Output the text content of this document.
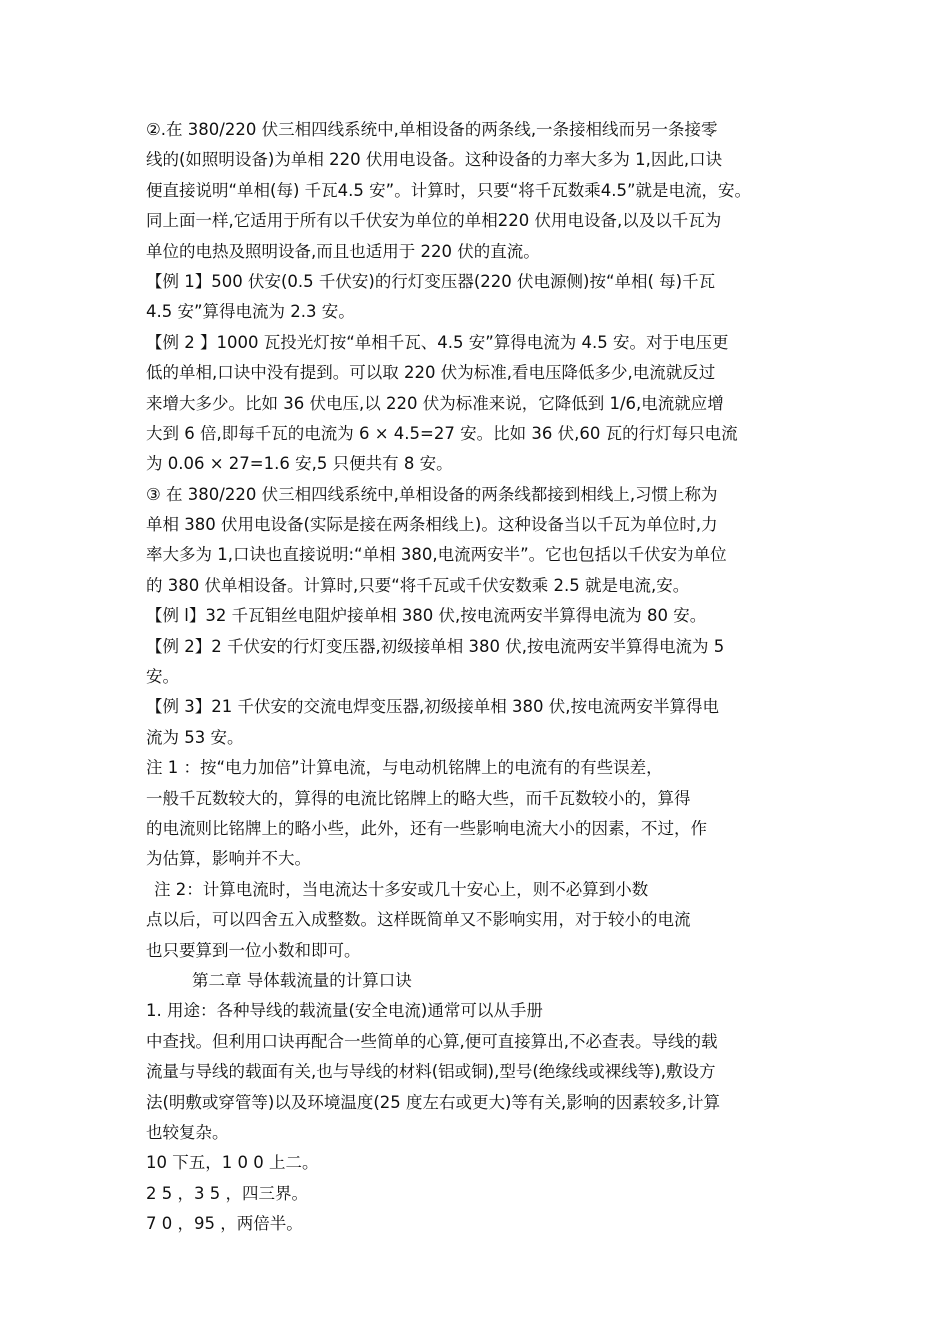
②.在 380/220 伏三相四线系统中,单相设备的两条线,一条接相线而另一条接零
线的(如照明设备)为单相 220 伏用电设备。这种设备的力率大多为 1,因此,口诀
便直接说明“单相(每) 千瓦4.5 安”。计算时，只要“将千瓦数乘4.5”就是电流，安。
同上面一样,它适用于所有以千伏安为单位的单相220 伏用电设备,以及以千瓦为
单位的电热及照明设备,而且也适用于 220 伏的直流。
【例 1】500 伏安(0.5 千伏安)的行灯变压器(220 伏电源侧)按“单相( 每)千瓦
4.5 安”算得电流为 2.3 安。
【例 2 】1000 瓦投光灯按“单相千瓦、4.5 安”算得电流为 4.5 安。对于电压更
低的单相,口诀中没有提到。可以取 220 伏为标准,看电压降低多少,电流就反过
来增大多少。比如 36 伏电压,以 220 伏为标准来说，它降低到 1/6,电流就应增
大到 6 倍,即每千瓦的电流为 6 × 4.5=27 安。比如 36 伏,60 瓦的行灯每只电流
为 0.06 × 27=1.6 安,5 只便共有 8 安。
③ 在 380/220 伏三相四线系统中,单相设备的两条线都接到相线上,习惯上称为
单相 380 伏用电设备(实际是接在两条相线上)。这种设备当以千瓦为单位时,力
率大多为 1,口诀也直接说明:“单相 380,电流两安半”。它也包括以千伏安为单位
的 380 伏单相设备。计算时,只要“将千瓦或千伏安数乘 2.5 就是电流,安。
【例 l】32 千瓦钼丝电阻炉接单相 380 伏,按电流两安半算得电流为 80 安。
【例 2】2 千伏安的行灯变压器,初级接单相 380 伏,按电流两安半算得电流为 5
安。
【例 3】21 千伏安的交流电焊变压器,初级接单相 380 伏,按电流两安半算得电
流为 53 安。
注 1 ：按“电力加倍”计算电流，与电动机铭牌上的电流有的有些误差，
一般千瓦数较大的，算得的电流比铭牌上的略大些，而千瓦数较小的，算得
的电流则比铭牌上的略小些，此外，还有一些影响电流大小的因素，不过，作
为估算，影响并不大。
注 2：计算电流时，当电流达十多安或几十安心上，则不必算到小数
点以后，可以四舍五入成整数。这样既简单又不影响实用，对于较小的电流
也只要算到一位小数和即可。
第二章 导体载流量的计算口诀
1. 用途：各种导线的载流量(安全电流)通常可以从手册
中查找。但利用口诀再配合一些简单的心算,便可直接算出,不必查表。导线的载
流量与导线的载面有关,也与导线的材料(铝或铜),型号(绝缘线或裸线等),敷设方
法(明敷或穿管等)以及环境温度(25 度左右或更大)等有关,影响的因素较多,计算
也较复杂。
10 下五，1 0 0 上二。
2 5 ，3 5 ，四三界。
7 0 ，95 ，两倍半。
